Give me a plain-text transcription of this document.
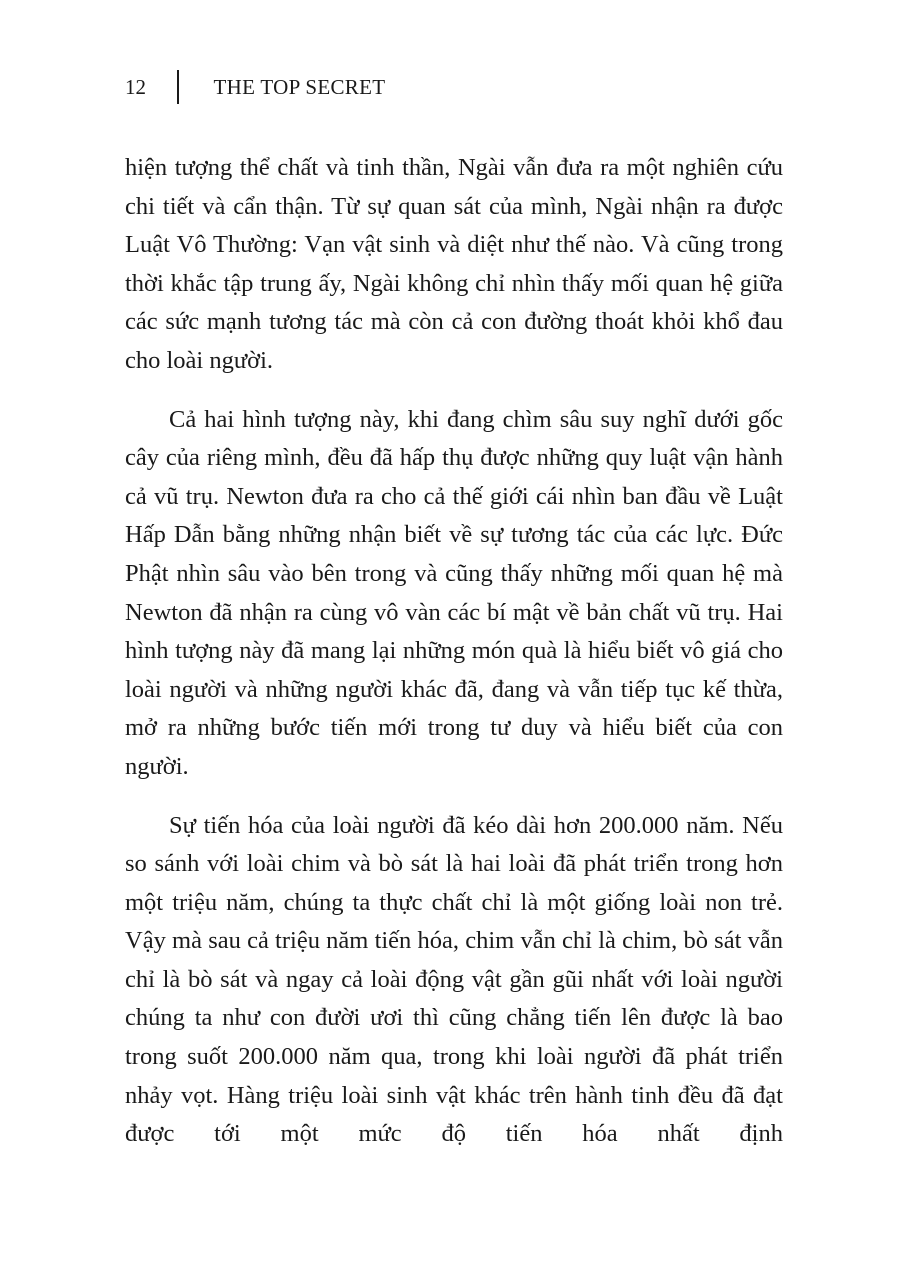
12	THE TOP SECRET

hiện tượng thể chất và tinh thần, Ngài vẫn đưa ra một nghiên cứu chi tiết và cẩn thận. Từ sự quan sát của mình, Ngài nhận ra được Luật Vô Thường: Vạn vật sinh và diệt như thế nào. Và cũng trong thời khắc tập trung ấy, Ngài không chỉ nhìn thấy mối quan hệ giữa các sức mạnh tương tác mà còn cả con đường thoát khỏi khổ đau cho loài người.

Cả hai hình tượng này, khi đang chìm sâu suy nghĩ dưới gốc cây của riêng mình, đều đã hấp thụ được những quy luật vận hành cả vũ trụ. Newton đưa ra cho cả thế giới cái nhìn ban đầu về Luật Hấp Dẫn bằng những nhận biết về sự tương tác của các lực. Đức Phật nhìn sâu vào bên trong và cũng thấy những mối quan hệ mà Newton đã nhận ra cùng vô vàn các bí mật về bản chất vũ trụ. Hai hình tượng này đã mang lại những món quà là hiểu biết vô giá cho loài người và những người khác đã, đang và vẫn tiếp tục kế thừa, mở ra những bước tiến mới trong tư duy và hiểu biết của con người.

Sự tiến hóa của loài người đã kéo dài hơn 200.000 năm. Nếu so sánh với loài chim và bò sát là hai loài đã phát triển trong hơn một triệu năm, chúng ta thực chất chỉ là một giống loài non trẻ. Vậy mà sau cả triệu năm tiến hóa, chim vẫn chỉ là chim, bò sát vẫn chỉ là bò sát và ngay cả loài động vật gần gũi nhất với loài người chúng ta như con đười ươi thì cũng chẳng tiến lên được là bao trong suốt 200.000 năm qua, trong khi loài người đã phát triển nhảy vọt. Hàng triệu loài sinh vật khác trên hành tinh đều đã đạt được tới một mức độ tiến hóa nhất định
